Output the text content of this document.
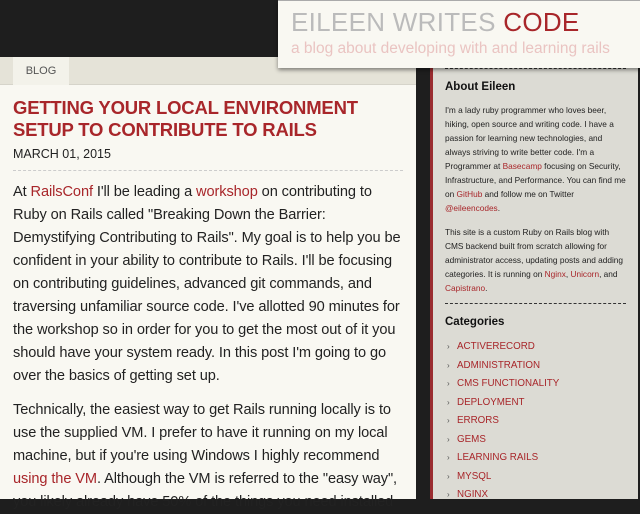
BLOG
GETTING YOUR LOCAL ENVIRONMENT SETUP TO CONTRIBUTE TO RAILS
MARCH 01, 2015

At RailsConf I'll be leading a workshop on contributing to Ruby on Rails called "Breaking Down the Barrier: Demystifying Contributing to Rails". My goal is to help you be confident in your ability to contribute to Rails. I'll be focusing on contributing guidelines, advanced git commands, and traversing unfamiliar source code. I've allotted 90 minutes for the workshop so in order for you to get the most out of it you should have your system ready. In this post I'm going to go over the basics of getting set up.

Technically, the easiest way to get Rails running locally is to use the supplied VM. I prefer to have it running on my local machine, but if you're using Windows I highly recommend using the VM. Although the VM is referred to the "easy way", you likely already have 50% of the things you need installed

About Eileen

I'm a lady ruby programmer who loves beer, hiking, open source and writing code. I have a passion for learning new technologies, and always striving to write better code. I'm a Programmer at Basecamp focusing on Security, Infrastructure, and Performance. You can find me on GitHub and follow me on Twitter @eileencodes.

This site is a custom Ruby on Rails blog with CMS backend built from scratch allowing for administrator access, updating posts and adding categories. It is running on Nginx, Unicorn, and Capistrano.

Categories
› ACTIVERECORD
› ADMINISTRATION
› CMS FUNCTIONALITY
› DEPLOYMENT
› ERRORS
› GEMS
› LEARNING RAILS
› MYSQL
› NGINX
EILEEN WRITES CODE
a blog about developing with and learning rails
